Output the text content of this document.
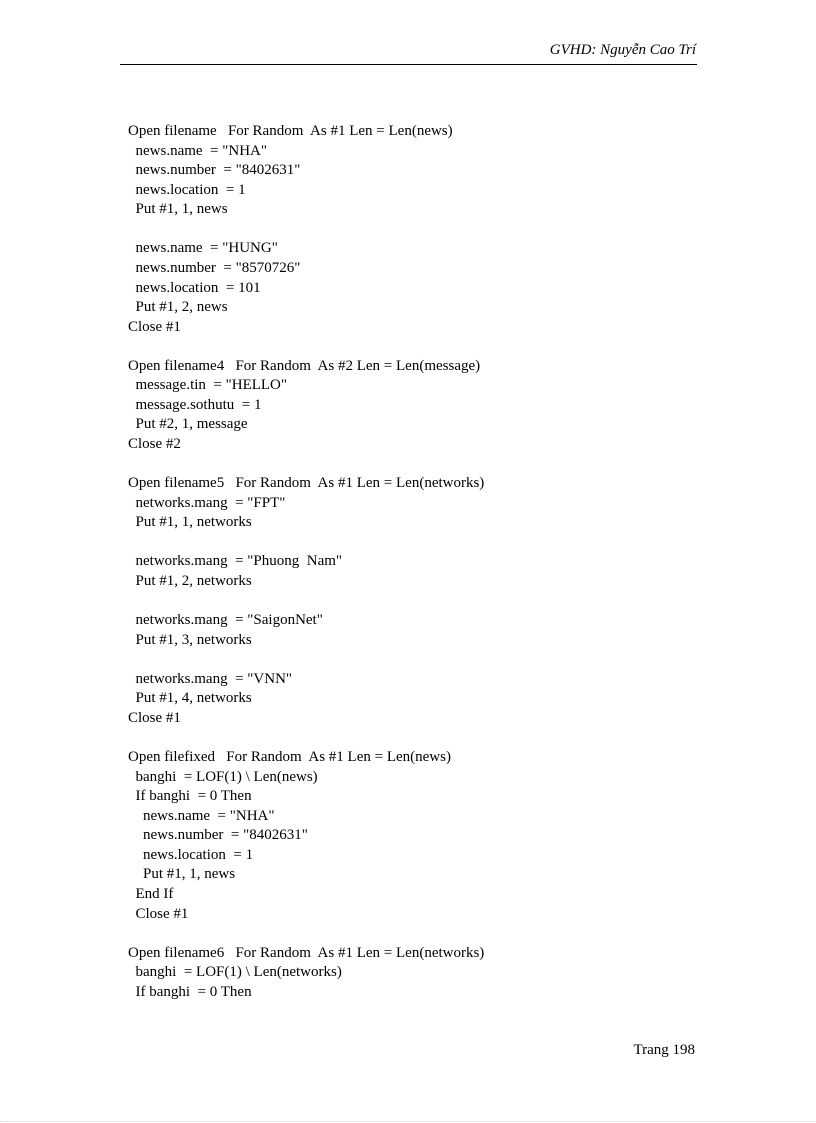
GVHD: Nguyễn Cao Trí
Open filename   For Random  As #1 Len = Len(news)
news.name  = "NHA"
news.number  = "8402631"
news.location  = 1
Put #1, 1, news
news.name  = "HUNG"
news.number  = "8570726"
news.location  = 101
Put #1, 2, news
Close #1
Open filename4   For Random  As #2 Len = Len(message)
message.tin  = "HELLO"
message.sothutu  = 1
Put #2, 1, message
Close #2
Open filename5   For Random  As #1 Len = Len(networks)
networks.mang  = "FPT"
Put #1, 1, networks
networks.mang  = "Phuong  Nam"
Put #1, 2, networks
networks.mang  = "SaigonNet"
Put #1, 3, networks
networks.mang  = "VNN"
Put #1, 4, networks
Close #1
Open filefixed   For Random  As #1 Len = Len(news)
banghi  = LOF(1) \ Len(news)
If banghi  = 0 Then
news.name  = "NHA"
news.number  = "8402631"
news.location  = 1
Put #1, 1, news
End If
Close #1
Open filename6   For Random  As #1 Len = Len(networks)
banghi  = LOF(1) \ Len(networks)
If banghi  = 0 Then
Trang 198
